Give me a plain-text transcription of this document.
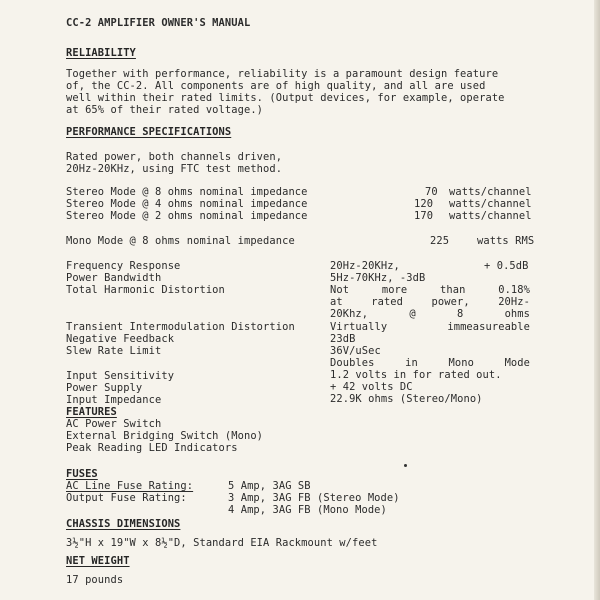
CC-2 AMPLIFIER OWNER'S MANUAL
RELIABILITY
Together with performance, reliability is a paramount design feature
of, the CC-2. All components are of high quality, and all are used
well within their rated limits. (Output devices, for example, operate
at 65% of their rated voltage.)
PERFORMANCE SPECIFICATIONS
Rated power, both channels driven,
20Hz-20KHz, using FTC test method.
Stereo Mode @ 8 ohms nominal impedance	70 watts/channel
Stereo Mode @ 4 ohms nominal impedance	120 watts/channel
Stereo Mode @ 2 ohms nominal impedance	170 watts/channel
Mono Mode @ 8 ohms nominal impedance	225	watts RMS
Frequency Response	20Hz-20KHz,	+ 0.5dB
Power Bandwidth	5Hz-70KHz, -3dB
Total Harmonic Distortion	Not more than 0.18%
at rated power, 20Hz-
20Khz, @ 8 ohms
Transient Intermodulation Distortion	Virtually immeasureable
Negative Feedback	23dB
Slew Rate Limit	36V/uSec
Doubles in Mono Mode
Input Sensitivity	1.2 volts in for rated out.
Power Supply	+ 42 volts DC
Input Impedance	22.9K ohms (Stereo/Mono)
FEATURES
AC Power Switch
External Bridging Switch (Mono)
Peak Reading LED Indicators
FUSES
AC Line Fuse Rating:	5 Amp, 3AG SB
Output Fuse Rating:	3 Amp, 3AG FB (Stereo Mode)
4 Amp, 3AG FB (Mono Mode)
CHASSIS DIMENSIONS
3½"H x 19"W x 8½"D, Standard EIA Rackmount w/feet
NET WEIGHT
17 pounds
